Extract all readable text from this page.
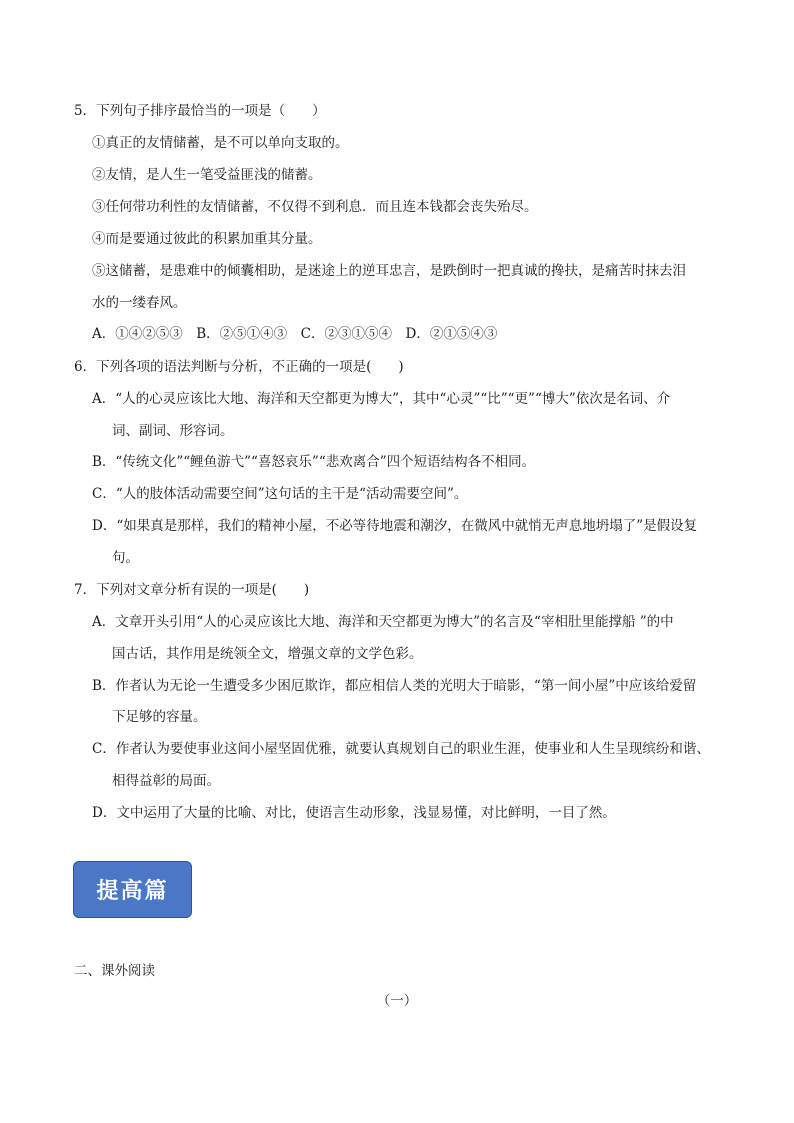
5．下列句子排序最恰当的一项是（　　）
①真正的友情储蓄，是不可以单向支取的。
②友情，是人生一笔受益匪浅的储蓄。
③任何带功利性的友情储蓄，不仅得不到利息．而且连本钱都会丧失殆尽。
④而是要通过彼此的积累加重其分量。
⑤这储蓄，是患难中的倾囊相助，是迷途上的逆耳忠言，是跌倒时一把真诚的搀扶，是痛苦时抹去泪
水的一缕春风。
A．①④②⑤③　B．②⑤①④③　C．②③①⑤④　D．②①⑤④③
6．下列各项的语法判断与分析，不正确的一项是(　　)
A．“人的心灵应该比大地、海洋和天空都更为博大”，其中“心灵”“比”“更”“博大”依次是名词、介
词、副词、形容词。
B．“传统文化”“鲤鱼游弋”“喜怒哀乐”“悲欢离合”四个短语结构各不相同。
C．“人的肢体活动需要空间”这句话的主干是“活动需要空间”。
D．“如果真是那样，我们的精神小屋，不必等待地震和潮汐，在微风中就悄无声息地坍塌了”是假设复
句。
7．下列对文章分析有误的一项是(　　)
A．文章开头引用“人的心灵应该比大地、海洋和天空都更为博大”的名言及“宰相肚里能撑船 ”的中
国古话，其作用是统领全文，增强文章的文学色彩。
B．作者认为无论一生遭受多少困厄欺诈，都应相信人类的光明大于暗影，“第一间小屋”中应该给爱留
下足够的容量。
C．作者认为要使事业这间小屋坚固优雅，就要认真规划自己的职业生涯，使事业和人生呈现缤纷和谐、
相得益彰的局面。
D．文中运用了大量的比喻、对比，使语言生动形象，浅显易懂，对比鲜明，一目了然。
提高篇
二、课外阅读
（一）
